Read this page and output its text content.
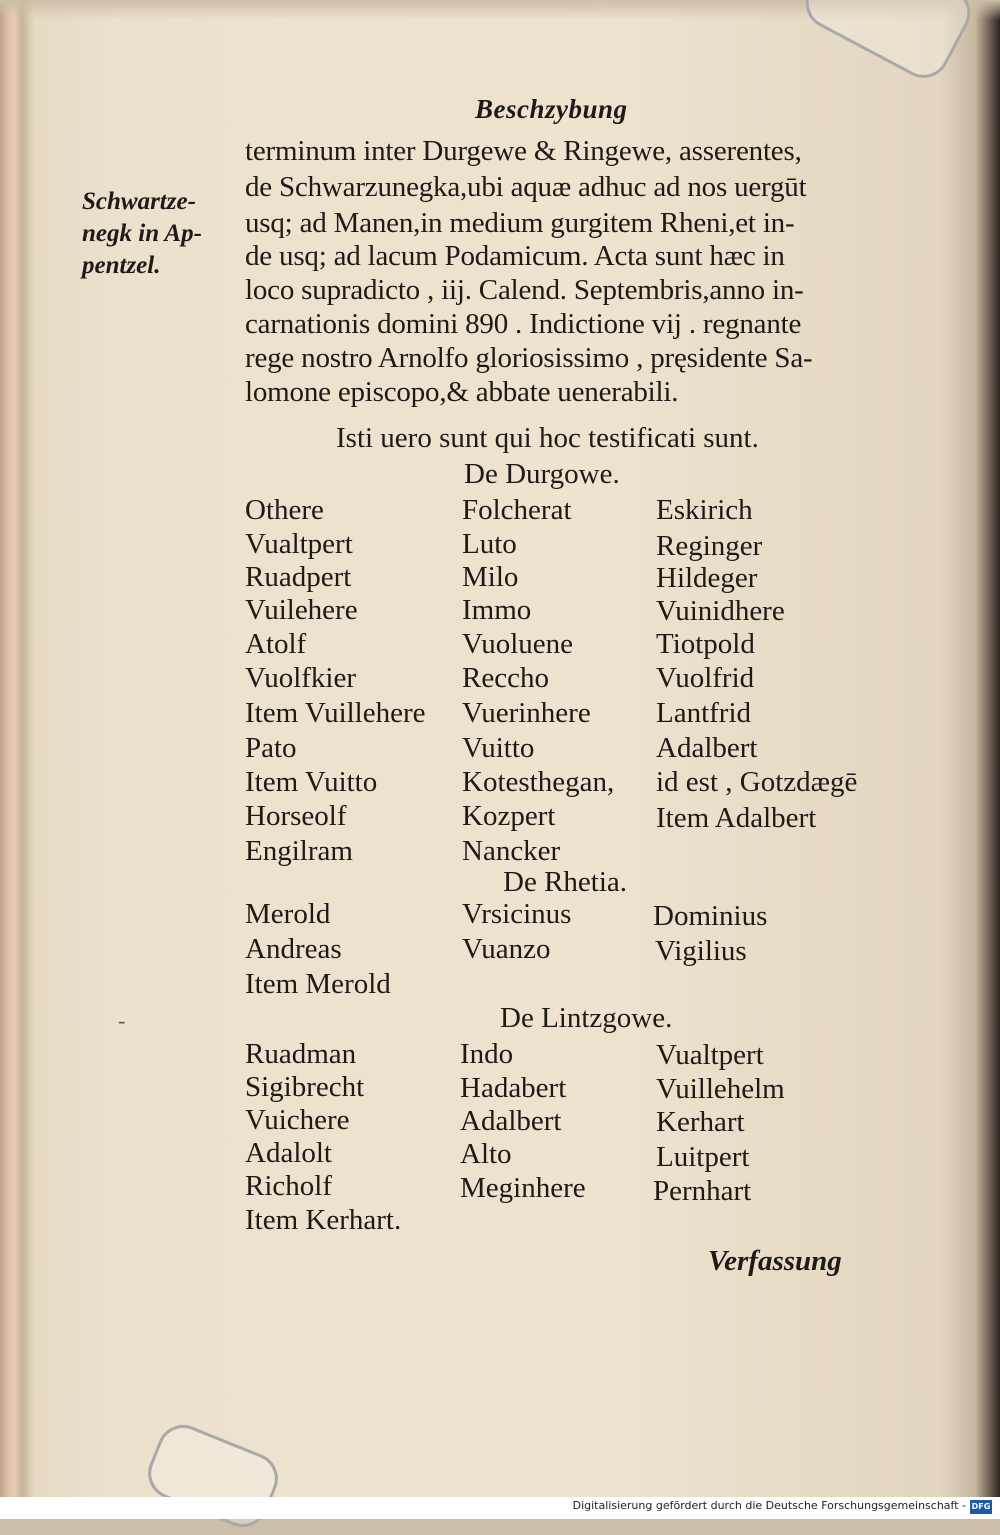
-
Beschzybung
Schwartze-
negk in Ap-
pentzel.
terminum inter Durgewe & Ringewe, asserentes,
de Schwarzunegka,ubi aquæ adhuc ad nos uergūt
usq; ad Manen,in medium gurgitem Rheni,et in-
de usq; ad lacum Podamicum. Acta sunt hæc in
loco supradicto , iij. Calend. Septembris,anno in-
carnationis domini 890 . Indictione vij . regnante
rege nostro Arnolfo gloriosissimo , pręsidente Sa-
lomone episcopo,& abbate uenerabili.
Isti uero sunt qui hoc testificati sunt.
De Durgowe.
Othere
Vualtpert
Ruadpert
Vuilehere
Atolf
Vuolfkier
Item Vuillehere
Pato
Item Vuitto
Horseolf
Engilram
Folcherat
Luto
Milo
Immo
Vuoluene
Reccho
Vuerinhere
Vuitto
Kotesthegan,
Kozpert
Nancker
Eskirich
Reginger
Hildeger
Vuinidhere
Tiotpold
Vuolfrid
Lantfrid
Adalbert
id est , Gotzdægē
Item Adalbert
De Rhetia.
Merold
Andreas
Item Merold
Vrsicinus
Vuanzo
Dominius
Vigilius
De Lintzgowe.
Ruadman
Sigibrecht
Vuichere
Adalolt
Richolf
Item Kerhart.
Indo
Hadabert
Adalbert
Alto
Meginhere
Vualtpert
Vuillehelm
Kerhart
Luitpert
Pernhart
Verfassung
Digitalisierung gefördert durch die Deutsche Forschungsgemeinschaft - DFG
